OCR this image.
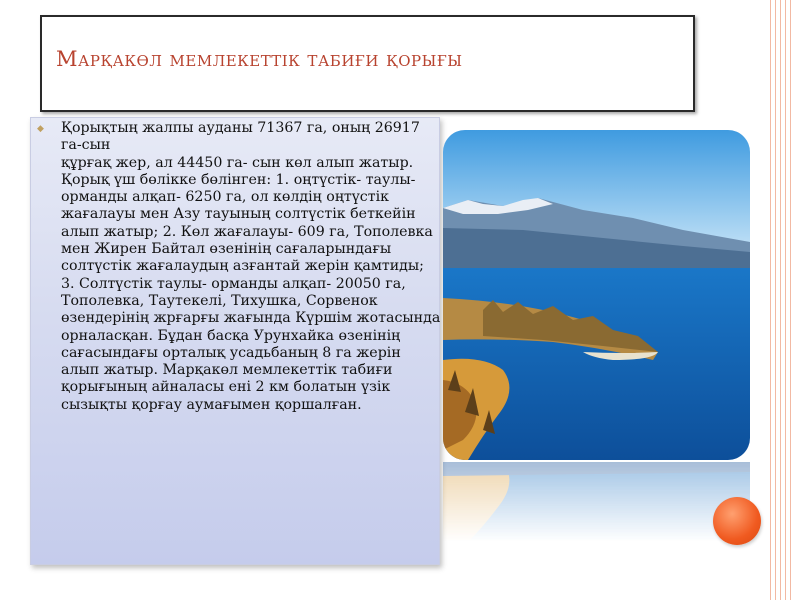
Марқакөл мемлекеттік табиғи қорығы
◆ Қорықтың жалпы ауданы 71367 га, оның 26917 га-сын
құрғақ жер, ал 44450 га- сын көл алып жатыр. Қорық үш бөлікке бөлінген: 1. оңтүстік- таулы- орманды алқап- 6250 га, ол көлдің оңтүстік жағалауы мен Азу тауының солтүстік беткейін алып жатыр; 2. Көл жағалауы- 609 га, Тополевка мен Жирен Байтал өзенінің сағаларындағы солтүстік жағалаудың азғантай жерін қамтиды; 3. Солтүстік таулы- орманды алқап- 20050 га, Тополевка, Таутекелі, Тихушка, Сорвенок өзендерінің жрғарғы жағында Күршім жотасында орналасқан. Бұдан басқа Урунхайка өзенінің сағасындағы орталық усадьбаның 8 га жерін алып жатыр. Марқакөл мемлекеттік табиғи қорығының айналасы ені 2 км болатын үзік сызықты қорғау аумағымен қоршалған.
